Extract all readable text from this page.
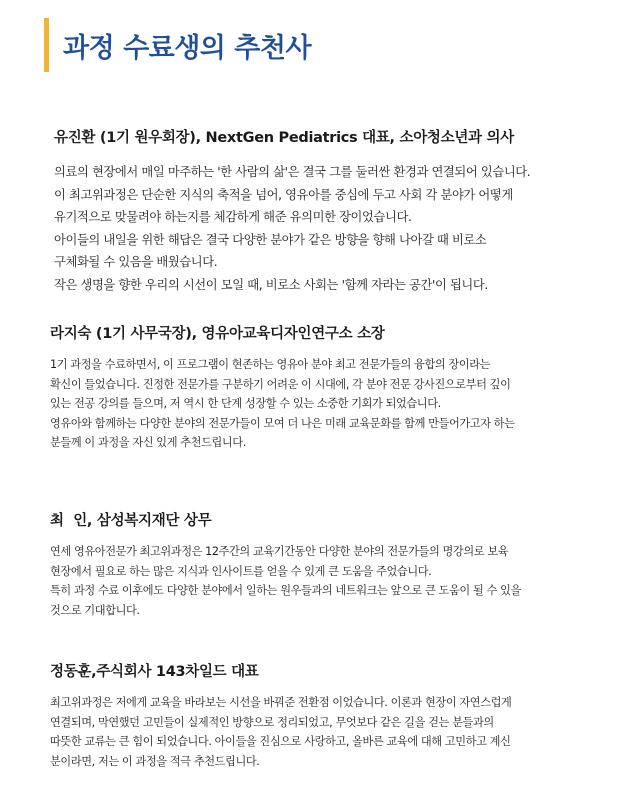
과정 수료생의 추천사
유진환 (1기 원우회장), NextGen Pediatrics 대표, 소아청소년과 의사
의료의 현장에서 매일 마주하는 '한 사람의 삶'은 결국 그를 둘러싼 환경과 연결되어 있습니다.
이 최고위과정은 단순한 지식의 축적을 넘어, 영유아를 중심에 두고 사회 각 분야가 어떻게
유기적으로 맞물려야 하는지를 체감하게 해준 유의미한 장이었습니다.
아이들의 내일을 위한 해답은 결국 다양한 분야가 같은 방향을 향해 나아갈 때 비로소
구체화될 수 있음을 배웠습니다.
작은 생명을 향한 우리의 시선이 모일 때, 비로소 사회는 '함께 자라는 공간'이 됩니다.
라지숙 (1기 사무국장), 영유아교육디자인연구소 소장
1기 과정을 수료하면서, 이 프로그램이 현존하는 영유아 분야 최고 전문가들의 융합의 장이라는
확신이 들었습니다. 진정한 전문가를 구분하기 어려운 이 시대에, 각 분야 전문 강사진으로부터 깊이
있는 전공 강의를 들으며, 저 역시 한 단계 성장할 수 있는 소중한 기회가 되었습니다.
영유아와 함께하는 다양한 분야의 전문가들이 모여 더 나은 미래 교육문화를 함께 만들어가고자 하는
분들께 이 과정을 자신 있게 추천드립니다.
최  인, 삼성복지재단 상무
연세 영유아전문가 최고위과정은 12주간의 교육기간동안 다양한 분야의 전문가들의 명강의로 보육
현장에서 필요로 하는 많은 지식과 인사이트를 얻을 수 있게 큰 도움을 주었습니다.
특히 과정 수료 이후에도 다양한 분야에서 일하는 원우들과의 네트워크는 앞으로 큰 도움이 될 수 있을
것으로 기대합니다.
정동훈,주식회사 143차일드 대표
최고위과정은 저에게 교육을 바라보는 시선을 바꿔준 전환점 이었습니다. 이론과 현장이 자연스럽게
연결되며, 막연했던 고민들이 실제적인 방향으로 정리되었고, 무엇보다 같은 길을 걷는 분들과의
따뜻한 교류는 큰 힘이 되었습니다. 아이들을 진심으로 사랑하고, 올바른 교육에 대해 고민하고 계신
분이라면, 저는 이 과정을 적극 추천드립니다.
